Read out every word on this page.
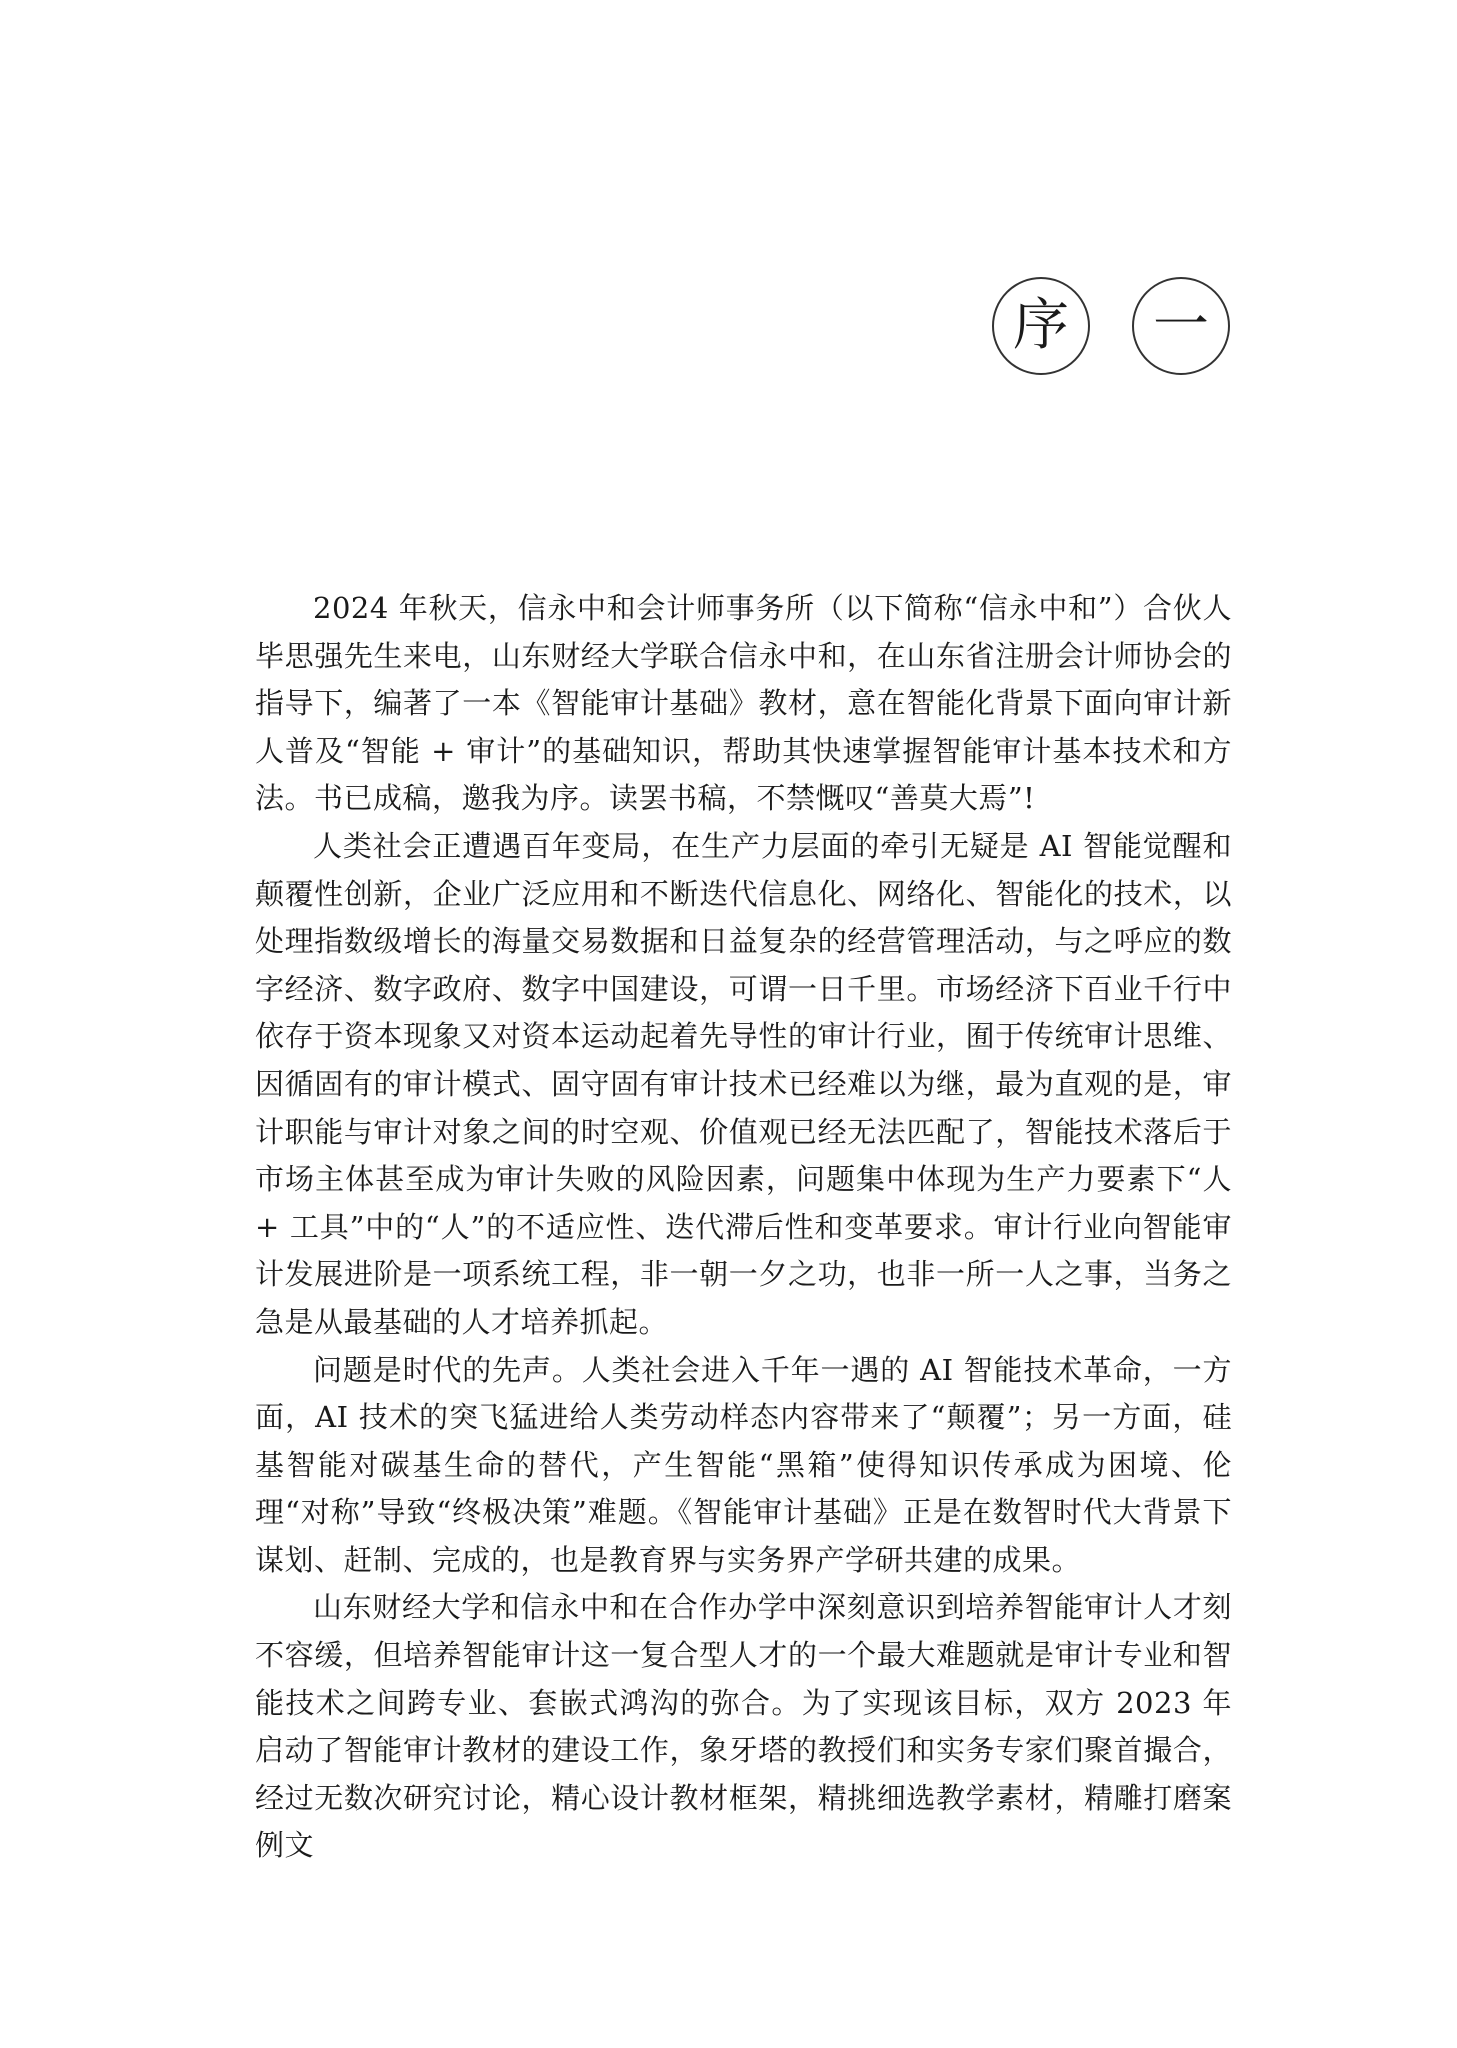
序	一

2024 年秋天，信永中和会计师事务所（以下简称“信永中和”）合伙人毕思强先生来电，山东财经大学联合信永中和，在山东省注册会计师协会的指导下，编著了一本《智能审计基础》教材，意在智能化背景下面向审计新人普及“智能 + 审计”的基础知识，帮助其快速掌握智能审计基本技术和方法。书已成稿，邀我为序。读罢书稿，不禁慨叹“善莫大焉”!

人类社会正遭遇百年变局，在生产力层面的牵引无疑是 AI 智能觉醒和颠覆性创新，企业广泛应用和不断迭代信息化、网络化、智能化的技术，以处理指数级增长的海量交易数据和日益复杂的经营管理活动，与之呼应的数字经济、数字政府、数字中国建设，可谓一日千里。市场经济下百业千行中依存于资本现象又对资本运动起着先导性的审计行业，囿于传统审计思维、因循固有的审计模式、固守固有审计技术已经难以为继，最为直观的是，审计职能与审计对象之间的时空观、价值观已经无法匹配了，智能技术落后于市场主体甚至成为审计失败的风险因素，问题集中体现为生产力要素下“人 + 工具”中的“人”的不适应性、迭代滞后性和变革要求。审计行业向智能审计发展进阶是一项系统工程，非一朝一夕之功，也非一所一人之事，当务之急是从最基础的人才培养抓起。

问题是时代的先声。人类社会进入千年一遇的 AI 智能技术革命，一方面，AI 技术的突飞猛进给人类劳动样态内容带来了“颠覆”；另一方面，硅基智能对碳基生命的替代，产生智能“黑箱”使得知识传承成为困境、伦理“对称”导致“终极决策”难题。《智能审计基础》正是在数智时代大背景下谋划、赶制、完成的，也是教育界与实务界产学研共建的成果。

山东财经大学和信永中和在合作办学中深刻意识到培养智能审计人才刻不容缓，但培养智能审计这一复合型人才的一个最大难题就是审计专业和智能技术之间跨专业、套嵌式鸿沟的弥合。为了实现该目标，双方 2023 年启动了智能审计教材的建设工作，象牙塔的教授们和实务专家们聚首撮合，经过无数次研究讨论，精心设计教材框架，精挑细选教学素材，精雕打磨案例文
